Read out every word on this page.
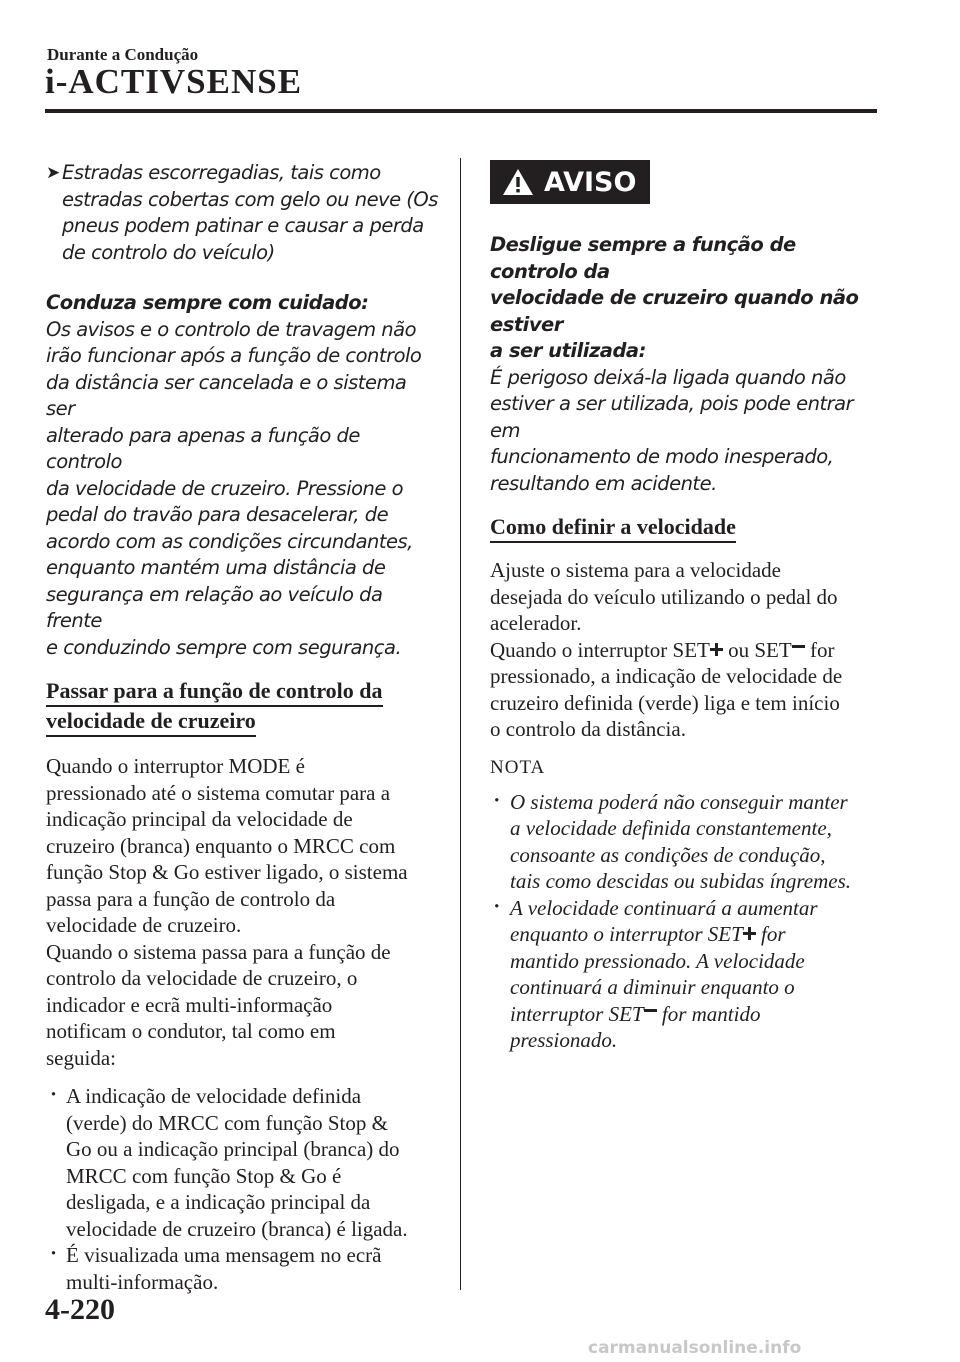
Durante a Condução
i-ACTIVSENSE
➤ Estradas escorregadias, tais como
estradas cobertas com gelo ou neve (Os
pneus podem patinar e causar a perda
de controlo do veículo)

Conduza sempre com cuidado:

Os avisos e o controlo de travagem não
irão funcionar após a função de controlo
da distância ser cancelada e o sistema ser
alterado para apenas a função de controlo
da velocidade de cruzeiro. Pressione o
pedal do travão para desacelerar, de
acordo com as condições circundantes,
enquanto mantém uma distância de
segurança em relação ao veículo da frente
e conduzindo sempre com segurança.
Passar para a função de controlo da

velocidade de cruzeiro
Quando o interruptor MODE é
pressionado até o sistema comutar para a
indicação principal da velocidade de
cruzeiro (branca) enquanto o MRCC com
função Stop & Go estiver ligado, o sistema
passa para a função de controlo da
velocidade de cruzeiro.
Quando o sistema passa para a função de
controlo da velocidade de cruzeiro, o
indicador e ecrã multi-informação
notificam o condutor, tal como em
seguida:
· A indicação de velocidade definida
(verde) do MRCC com função Stop &
Go ou a indicação principal (branca) do
MRCC com função Stop & Go é
desligada, e a indicação principal da
velocidade de cruzeiro (branca) é ligada.
· É visualizada uma mensagem no ecrã
multi-informação.
AVISO
Desligue sempre a função de controlo da
velocidade de cruzeiro quando não estiver
a ser utilizada:
É perigoso deixá-la ligada quando não
estiver a ser utilizada, pois pode entrar em
funcionamento de modo inesperado,
resultando em acidente.
Como definir a velocidade
Ajuste o sistema para a velocidade
desejada do veículo utilizando o pedal do
acelerador.
Quando o interruptor SET ou SET for
pressionado, a indicação de velocidade de
cruzeiro definida (verde) liga e tem início
o controlo da distância.

NOTA

· O sistema poderá não conseguir manter
a velocidade definida constantemente,
consoante as condições de condução,
tais como descidas ou subidas íngremes.
· A velocidade continuará a aumentar
enquanto o interruptor SET for
mantido pressionado. A velocidade
continuará a diminuir enquanto o
interruptor SET for mantido
pressionado.
4-220
carmanualsonline.info
